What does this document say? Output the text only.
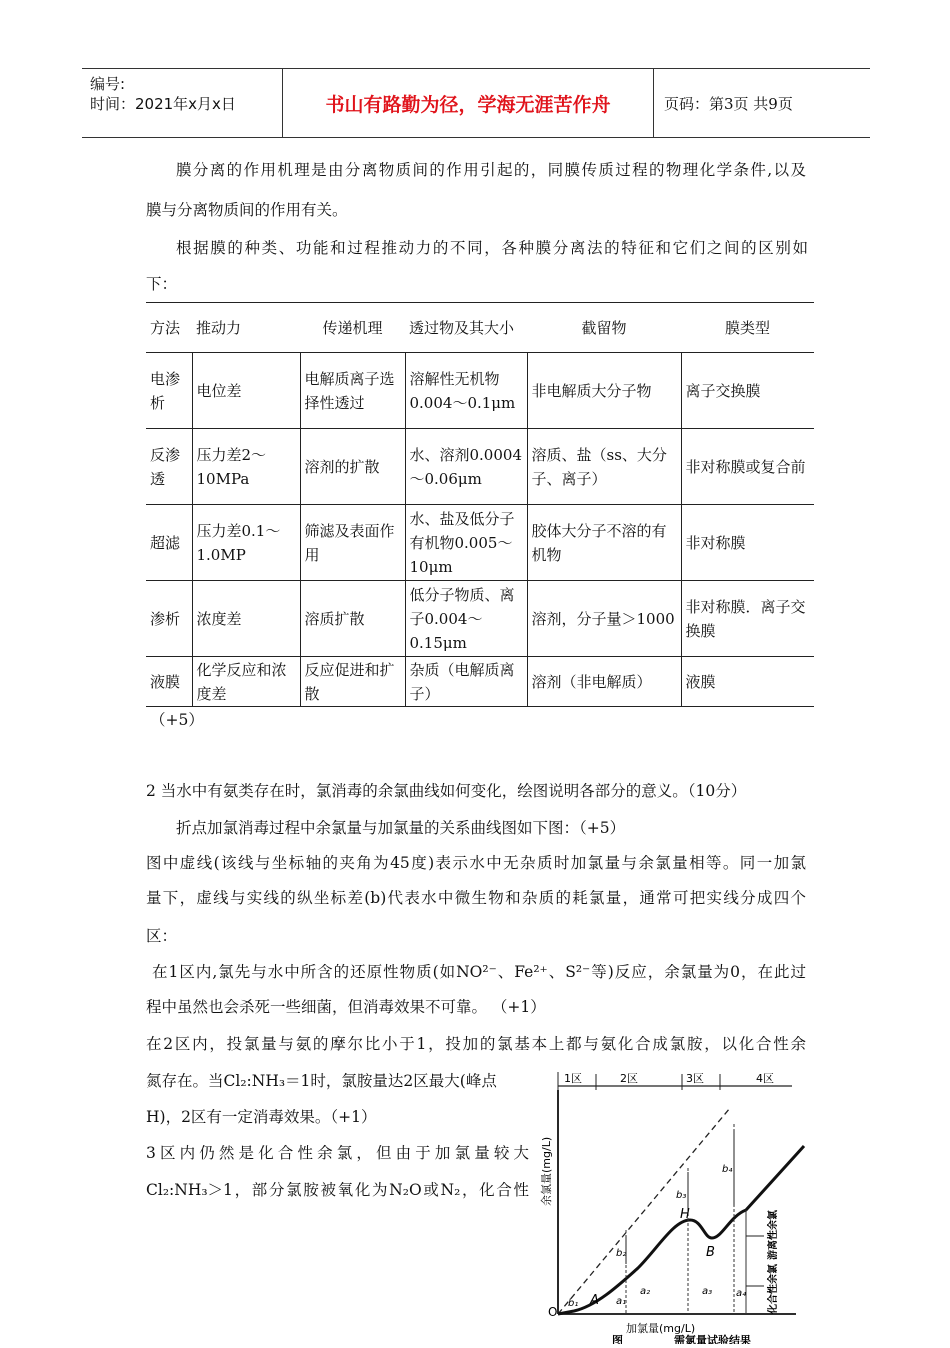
编号:
时间：2021年x月x日	书山有路勤为径，学海无涯苦作舟	页码：第3页 共9页
膜分离的作用机理是由分离物质间的作用引起的，同膜传质过程的物理化学条件,以及
膜与分离物质间的作用有关。
根据膜的种类、功能和过程推动力的不同，各种膜分离法的特征和它们之间的区别如
下：
方法	推动力	传递机理	透过物及其大小	截留物	膜类型
电渗析	电位差	电解质离子选择性透过	溶解性无机物0.004～0.1μm	非电解质大分子物	离子交换膜
反渗透	压力差2～10MPa	溶剂的扩散	水、溶剂0.0004～0.06μm	溶质、盐（ss、大分子、离子）	非对称膜或复合前
超滤	压力差0.1～1.0MP	筛滤及表面作用	水、盐及低分子有机物0.005～10μm	胶体大分子不溶的有机物	非对称膜
渗析	浓度差	溶质扩散	低分子物质、离子0.004～0.15μm	溶剂，分子量＞1000	非对称膜．离子交换膜
液膜	化学反应和浓度差	反应促进和扩散	杂质（电解质离子）	溶剂（非电解质）	液膜
（+5）
2 当水中有氨类存在时，氯消毒的余氯曲线如何变化，绘图说明各部分的意义。（10分）
折点加氯消毒过程中余氯量与加氯量的关系曲线图如下图：（+5）
图中虚线(该线与坐标轴的夹角为45度)表示水中无杂质时加氯量与余氯量相等。同一加氯
量下，虚线与实线的纵坐标差(b)代表水中微生物和杂质的耗氯量，通常可把实线分成四个
区：
在1区内,氯先与水中所含的还原性物质(如NO²⁻、Fe²⁺、S²⁻等)反应，余氯量为0，在此过
程中虽然也会杀死一些细菌，但消毒效果不可靠。 （+1）
在2区内，投氯量与氨的摩尔比小于1，投加的氯基本上都与氨化合成氯胺，以化合性余
氮存在。当Cl₂:NH₃＝1时，氯胺量达2区最大(峰点
H)，2区有一定消毒效果。（+1）
3区内仍然是化合性余氯，但由于加氯量较大
Cl₂:NH₃＞1，部分氯胺被氧化为N₂O或N₂，化合性
1区	2区	3区	4区
H
B
A
O
b₁
b₂
b₃
b₄
a₁
a₂	a₃ a₄
余氯量(mg/L)
加氯量(mg/L)
化合性余氯
游离性余氯
图	需氯量试验结果
